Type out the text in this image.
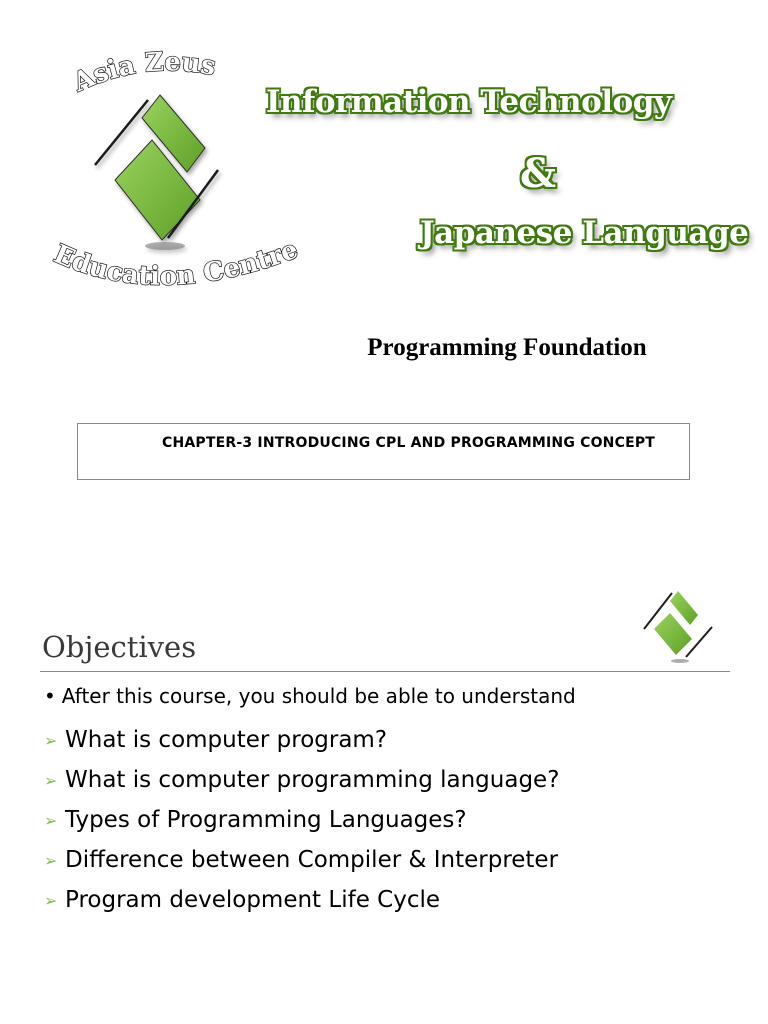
Asia Zeus
Education Centre
Information Technology
&
Japanese Language
Programming Foundation
CHAPTER-3 INTRODUCING CPL AND PROGRAMMING CONCEPT
Objectives
• After this course, you should be able to understand
➢ What is computer program?
➢ What is computer programming language?
➢ Types of Programming Languages?
➢ Difference between Compiler & Interpreter
➢ Program development Life Cycle
